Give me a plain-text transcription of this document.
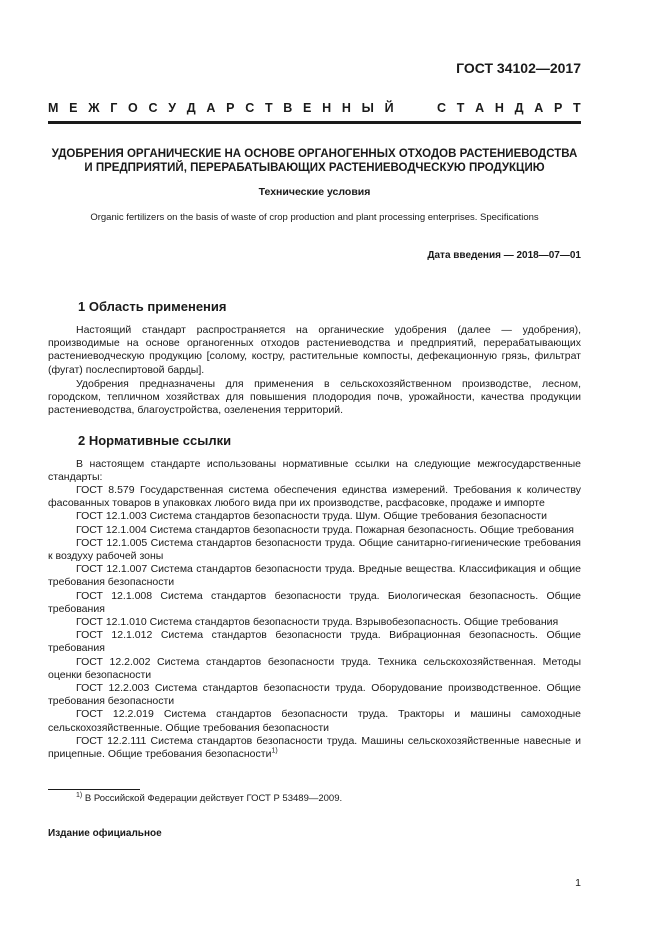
ГОСТ 34102—2017
М Е Ж Г О С У Д А Р С Т В Е Н Н Ы Й	С Т А Н Д А Р Т
УДОБРЕНИЯ ОРГАНИЧЕСКИЕ НА ОСНОВЕ ОРГАНОГЕННЫХ ОТХОДОВ РАСТЕНИЕВОДСТВА
И ПРЕДПРИЯТИЙ, ПЕРЕРАБАТЫВАЮЩИХ РАСТЕНИЕВОДЧЕСКУЮ ПРОДУКЦИЮ
Технические условия
Organic fertilizers on the basis of waste of crop production and plant processing enterprises. Specifications
Дата введения — 2018—07—01
1 Область применения
Настоящий стандарт распространяется на органические удобрения (далее — удобрения), производимые на основе органогенных отходов растениеводства и предприятий, перерабатывающих растениеводческую продукцию [солому, костру, растительные компосты, дефекационную грязь, фильтрат (фугат) послеспиртовой барды].
Удобрения предназначены для применения в сельскохозяйственном производстве, лесном, городском, тепличном хозяйствах для повышения плодородия почв, урожайности, качества продукции растениеводства, благоустройства, озеленения территорий.
2 Нормативные ссылки
В настоящем стандарте использованы нормативные ссылки на следующие межгосударственные стандарты:
ГОСТ 8.579 Государственная система обеспечения единства измерений. Требования к количеству фасованных товаров в упаковках любого вида при их производстве, расфасовке, продаже и импорте
ГОСТ 12.1.003 Система стандартов безопасности труда. Шум. Общие требования безопасности
ГОСТ 12.1.004 Система стандартов безопасности труда. Пожарная безопасность. Общие требования
ГОСТ 12.1.005 Система стандартов безопасности труда. Общие санитарно-гигиенические требования к воздуху рабочей зоны
ГОСТ 12.1.007 Система стандартов безопасности труда. Вредные вещества. Классификация и общие требования безопасности
ГОСТ 12.1.008 Система стандартов безопасности труда. Биологическая безопасность. Общие требования
ГОСТ 12.1.010 Система стандартов безопасности труда. Взрывобезопасность. Общие требования
ГОСТ 12.1.012 Система стандартов безопасности труда. Вибрационная безопасность. Общие требования
ГОСТ 12.2.002 Система стандартов безопасности труда. Техника сельскохозяйственная. Методы оценки безопасности
ГОСТ 12.2.003 Система стандартов безопасности труда. Оборудование производственное. Общие требования безопасности
ГОСТ 12.2.019 Система стандартов безопасности труда. Тракторы и машины самоходные сельскохозяйственные. Общие требования безопасности
ГОСТ 12.2.111 Система стандартов безопасности труда. Машины сельскохозяйственные навесные и прицепные. Общие требования безопасности$^{1)}$
$^{1)}$ В Российской Федерации действует ГОСТ Р 53489—2009.
Издание официальное
1
